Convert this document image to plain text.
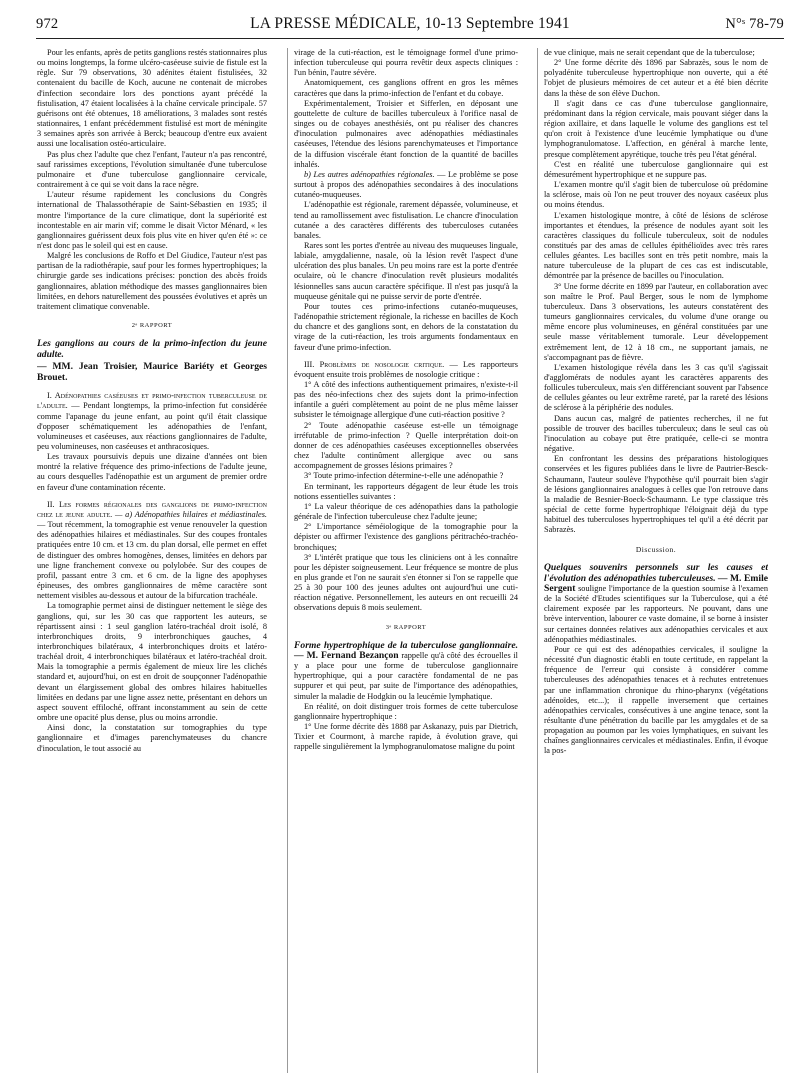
972	LA PRESSE MÉDICALE, 10-13 Septembre 1941	N°ˢ 78-79

Pour les enfants, après de petits ganglions restés stationnaires plus ou moins longtemps, la forme ulcéro-caséeuse suivie de fistule est la règle. Sur 79 observations, 30 adénites étaient fistulisées, 32 contenaient du bacille de Koch, aucune ne contenait de microbes d'infection secondaire lors des ponctions ayant précédé la fistulisation, 47 étaient localisées à la chaîne cervicale principale. 57 guérisons ont été obtenues, 18 améliorations, 3 malades sont restés stationnaires, 1 enfant précédemment fistulisé est mort de méningite 3 semaines après son arrivée à Berck; beaucoup d'entre eux avaient aussi une localisation ostéo-articulaire.

Pas plus chez l'adulte que chez l'enfant, l'auteur n'a pas rencontré, sauf rarissimes exceptions, l'évolution simultanée d'une tuberculose pulmonaire et d'une tuberculose ganglionnaire cervicale, contrairement à ce qui se voit dans la race nègre.

L'auteur résume rapidement les conclusions du Congrès international de Thalassothérapie de Saint-Sébastien en 1935; il montre l'importance de la cure climatique, dont la supériorité est incontestable en air marin vif; comme le disait Victor Ménard, « les ganglionnaires guérissent deux fois plus vite en hiver qu'en été »: ce n'est donc pas le soleil qui est en cause.

Malgré les conclusions de Roffo et Del Giudice, l'auteur n'est pas partisan de la radiothérapie, sauf pour les formes hypertrophiques; la chirurgie garde ses indications précises: ponction des abcès froids ganglionnaires, ablation méthodique des masses ganglionnaires bien limitées, en dehors naturellement des poussées évolutives et après un traitement climatique convenable.

2ᵉ RAPPORT

Les ganglions au cours de la primo-infection du jeune adulte.

— MM. Jean Troisier, Maurice Bariéty et Georges Brouet.

I. Adénopathies caséeuses et primo-infection tuberculeuse de l'adulte. — Pendant longtemps, la primo-infection fut considérée comme l'apanage du jeune enfant, au point qu'il était classique d'opposer schématiquement les adénopathies de l'enfant, volumineuses et caséeuses, aux réactions ganglionnaires de l'adulte, peu volumineuses, non caséeuses et anthracosiques.

Les travaux poursuivis depuis une dizaine d'années ont bien montré la relative fréquence des primo-infections de l'adulte jeune, au cours desquelles l'adénopathie est un argument de premier ordre en faveur d'une contamination récente.

II. Les formes régionales des ganglions de primo-infection chez le jeune adulte. — a) Adénopathies hilaires et médiastinales. — Tout récemment, la tomographie est venue renouveler la question des adénopathies hilaires et médiastinales. Sur des coupes frontales pratiquées entre 10 cm. et 13 cm. du plan dorsal, elle permet en effet de distinguer des ombres homogènes, denses, limitées en dehors par une ligne franchement convexe ou polylobée. Sur des coupes de profil, passant entre 3 cm. et 6 cm. de la ligne des apophyses épineuses, des ombres ganglionnaires de même caractère sont nettement visibles au-dessous et autour de la bifurcation trachéale.

La tomographie permet ainsi de distinguer nettement le siège des ganglions, qui, sur les 30 cas que rapportent les auteurs, se répartissent ainsi : 1 seul ganglion latéro-trachéal droit isolé, 8 interbronchiques droits, 9 interbronchiques gauches, 4 interbronchiques bilatéraux, 4 interbronchiques droits et latéro-trachéal droit, 4 interbronchiques bilatéraux et latéro-trachéal droit. Mais la tomographie a permis également de mieux lire les clichés standard et, aujourd'hui, on est en droit de soupçonner l'adénopathie devant un élargissement global des ombres hilaires habituelles limitées en dedans par une ligne assez nette, présentant en dehors un aspect souvent effiloché, offrant inconstamment au sein de cette ombre une opacité plus dense, plus ou moins arrondie.

Ainsi donc, la constatation sur tomographies du type ganglionnaire et d'images parenchymateuses du chancre d'inoculation, le tout associé au

virage de la cuti-réaction, est le témoignage formel d'une primo-infection tuberculeuse qui pourra revêtir deux aspects cliniques : l'un bénin, l'autre sévère.

Anatomiquement, ces ganglions offrent en gros les mêmes caractères que dans la primo-infection de l'enfant et du cobaye.

Expérimentalement, Troisier et Sifferlen, en déposant une gouttelette de culture de bacilles tuberculeux à l'orifice nasal de singes ou de cobayes anesthésiés, ont pu réaliser des chancres d'inoculation pulmonaires avec adénopathies médiastinales caséeuses, l'étendue des lésions parenchymateuses et l'importance de la diffusion viscérale étant fonction de la quantité de bacilles inhalés.

b) Les autres adénopathies régionales. — Le problème se pose surtout à propos des adénopathies secondaires à des inoculations cutanéo-muqueuses.

L'adénopathie est régionale, rarement dépassée, volumineuse, et tend au ramollissement avec fistulisation. Le chancre d'inoculation cutanée a des caractères différents des tuberculoses cutanées banales.

Rares sont les portes d'entrée au niveau des muqueuses linguale, labiale, amygdalienne, nasale, où la lésion revêt l'aspect d'une ulcération des plus banales. Un peu moins rare est la porte d'entrée oculaire, où le chancre d'inoculation revêt plusieurs modalités lésionnelles sans aucun caractère spécifique. Il n'est pas jusqu'à la muqueuse génitale qui ne puisse servir de porte d'entrée.

Pour toutes ces primo-infections cutanéo-muqueuses, l'adénopathie strictement régionale, la richesse en bacilles de Koch du chancre et des ganglions sont, en dehors de la constatation du virage de la cuti-réaction, les trois arguments fondamentaux en faveur d'une primo-infection.

III. Problèmes de nosologie critique. — Les rapporteurs évoquent ensuite trois problèmes de nosologie critique :

1° A côté des infections authentiquement primaires, n'existe-t-il pas des néo-infections chez des sujets dont la primo-infection infantile a guéri complètement au point de ne plus même laisser subsister le témoignage allergique d'une cuti-réaction positive ?

2° Toute adénopathie caséeuse est-elle un témoignage irréfutable de primo-infection ? Quelle interprétation doit-on donner de ces adénopathies caséeuses exceptionnelles observées chez l'adulte continûment allergique avec ou sans accompagnement de grosses lésions primaires ?

3° Toute primo-infection détermine-t-elle une adénopathie ?

En terminant, les rapporteurs dégagent de leur étude les trois notions essentielles suivantes :

1° La valeur théorique de ces adénopathies dans la pathologie générale de l'infection tuberculeuse chez l'adulte jeune;

2° L'importance séméiologique de la tomographie pour la dépister ou affirmer l'existence des ganglions péritrachéo-trachéo-bronchiques;

3° L'intérêt pratique que tous les cliniciens ont à les connaître pour les dépister soigneusement. Leur fréquence se montre de plus en plus grande et l'on ne saurait s'en étonner si l'on se rappelle que 25 à 30 pour 100 des jeunes adultes ont aujourd'hui une cuti-réaction négative. Personnellement, les auteurs en ont recueilli 24 observations depuis 8 mois seulement.

3ᵉ RAPPORT

Forme hypertrophique de la tuberculose ganglionnaire. — M. Fernand Bezançon rappelle qu'à côté des écrouelles il y a place pour une forme de tuberculose ganglionnaire hypertrophique, qui a pour caractère fondamental de ne pas suppurer et qui peut, par suite de l'importance des adénopathies, simuler la maladie de Hodgkin ou la leucémie lymphatique.

En réalité, on doit distinguer trois formes de cette tuberculose ganglionnaire hypertrophique :

1° Une forme décrite dès 1888 par Askanazy, puis par Dietrich, Tixier et Courmont, à marche rapide, à évolution grave, qui rappelle singulièrement la lymphogranulomatose maligne du point

de vue clinique, mais ne serait cependant que de la tuberculose;

2° Une forme décrite dès 1896 par Sabrazès, sous le nom de polyadénite tuberculeuse hypertrophique non ouverte, qui a été l'objet de plusieurs mémoires de cet auteur et a été bien décrite dans la thèse de son élève Duchon.

Il s'agit dans ce cas d'une tuberculose ganglionnaire, prédominant dans la région cervicale, mais pouvant siéger dans la région axillaire, et dans laquelle le volume des ganglions est tel qu'on croit à l'existence d'une leucémie lymphatique ou d'une lymphogranulomatose. L'affection, en général à marche lente, presque complètement apyrétique, touche très peu l'état général.

C'est en réalité une tuberculose ganglionnaire qui est démesurément hypertrophique et ne suppure pas.

L'examen montre qu'il s'agit bien de tuberculose où prédomine la sclérose, mais où l'on ne peut trouver des noyaux caséeux plus ou moins étendus.

L'examen histologique montre, à côté de lésions de sclérose importantes et étendues, la présence de nodules ayant soit les caractères classiques du follicule tuberculeux, soit de nodules constitués par des amas de cellules épithélioïdes avec très rares cellules géantes. Les bacilles sont en très petit nombre, mais la nature tuberculeuse de la plupart de ces cas est indiscutable, démontrée par la présence de bacilles ou l'inoculation.

3° Une forme décrite en 1899 par l'auteur, en collaboration avec son maître le Prof. Paul Berger, sous le nom de lymphome tuberculeux. Dans 3 observations, les auteurs constatèrent des tumeurs ganglionnaires cervicales, du volume d'une orange ou même encore plus volumineuses, en général constituées par une seule masse véritablement tumorale. Leur développement extrêmement lent, de 12 à 18 cm., ne supportant jamais, ne s'accompagnant pas de fièvre.

L'examen histologique révéla dans les 3 cas qu'il s'agissait d'agglomérats de nodules ayant les caractères apparents des follicules tuberculeux, mais s'en différenciant souvent par l'absence de cellules géantes ou leur extrême rareté, par la rareté des lésions de sclérose à la périphérie des nodules.

Dans aucun cas, malgré de patientes recherches, il ne fut possible de trouver des bacilles tuberculeux; dans le seul cas où l'inoculation au cobaye put être pratiquée, celle-ci se montra négative.

En confrontant les dessins des préparations histologiques conservées et les figures publiées dans le livre de Pautrier-Besck-Schaumann, l'auteur soulève l'hypothèse qu'il pourrait bien s'agir de lésions ganglionnaires analogues à celles que l'on retrouve dans la maladie de Besnier-Boeck-Schaumann. Le type classique très spécial de cette forme hypertrophique l'éloignait déjà du type habituel des tuberculoses hypertrophiques tel qu'il a été décrit par Sabrazès.

Discussion.

Quelques souvenirs personnels sur les causes et l'évolution des adénopathies tuberculeuses. — M. Emile Sergent souligne l'importance de la question soumise à l'examen de la Société d'Etudes scientifiques sur la Tuberculose, qui a été clairement exposée par les rapporteurs. Ne pouvant, dans une brève intervention, labourer ce vaste domaine, il se borne à insister sur certaines données relatives aux adénopathies cervicales et aux adénopathies médiastinales.

Pour ce qui est des adénopathies cervicales, il souligne la nécessité d'un diagnostic établi en toute certitude, en rappelant la fréquence de l'erreur qui consiste à considérer comme tuberculeuses des adénopathies tenaces et à rechutes entretenues par une inflammation chronique du rhino-pharynx (végétations adénoïdes, etc...); il rappelle inversement que certaines adénopathies cervicales, consécutives à une angine tenace, sont la résultante d'une pénétration du bacille par les amygdales et de sa propagation au poumon par les voies lymphatiques, en suivant les chaînes ganglionnaires cervicales et médiastinales. Enfin, il évoque la pos-
